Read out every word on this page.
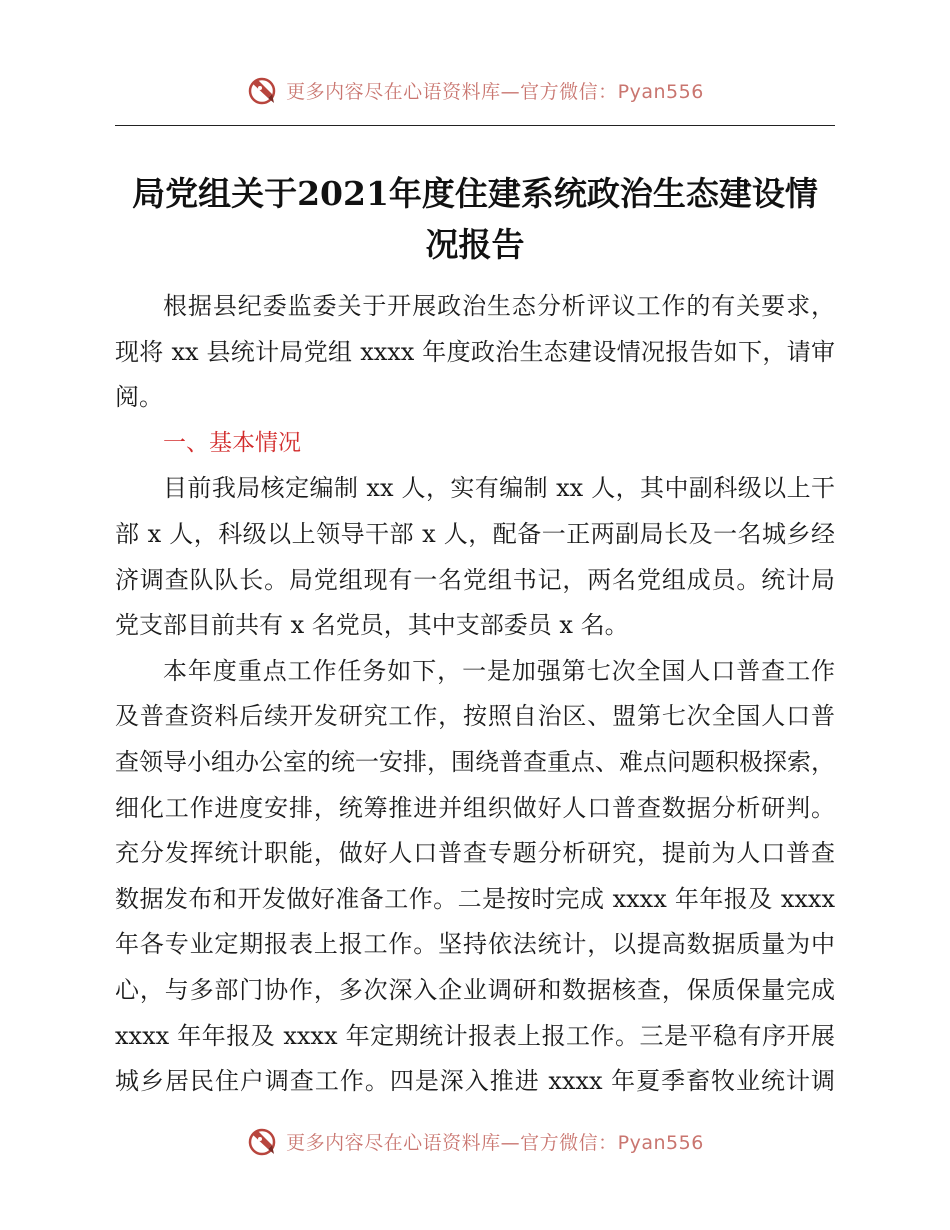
更多内容尽在心语资料库—官方微信：Pyan556
局党组关于2021年度住建系统政治生态建设情
况报告
根据县纪委监委关于开展政治生态分析评议工作的有关要求，
现将 xx 县统计局党组 xxxx 年度政治生态建设情况报告如下，请审
阅。
一、基本情况
目前我局核定编制 xx 人，实有编制 xx 人，其中副科级以上干
部 x 人，科级以上领导干部 x 人，配备一正两副局长及一名城乡经
济调查队队长。局党组现有一名党组书记，两名党组成员。统计局
党支部目前共有 x 名党员，其中支部委员 x 名。
本年度重点工作任务如下，一是加强第七次全国人口普查工作
及普查资料后续开发研究工作，按照自治区、盟第七次全国人口普
查领导小组办公室的统一安排，围绕普查重点、难点问题积极探索，
细化工作进度安排，统筹推进并组织做好人口普查数据分析研判。
充分发挥统计职能，做好人口普查专题分析研究，提前为人口普查
数据发布和开发做好准备工作。二是按时完成 xxxx 年年报及 xxxx
年各专业定期报表上报工作。坚持依法统计，以提高数据质量为中
心，与多部门协作，多次深入企业调研和数据核查，保质保量完成
xxxx 年年报及 xxxx 年定期统计报表上报工作。三是平稳有序开展
城乡居民住户调查工作。四是深入推进 xxxx 年夏季畜牧业统计调
更多内容尽在心语资料库—官方微信：Pyan556
